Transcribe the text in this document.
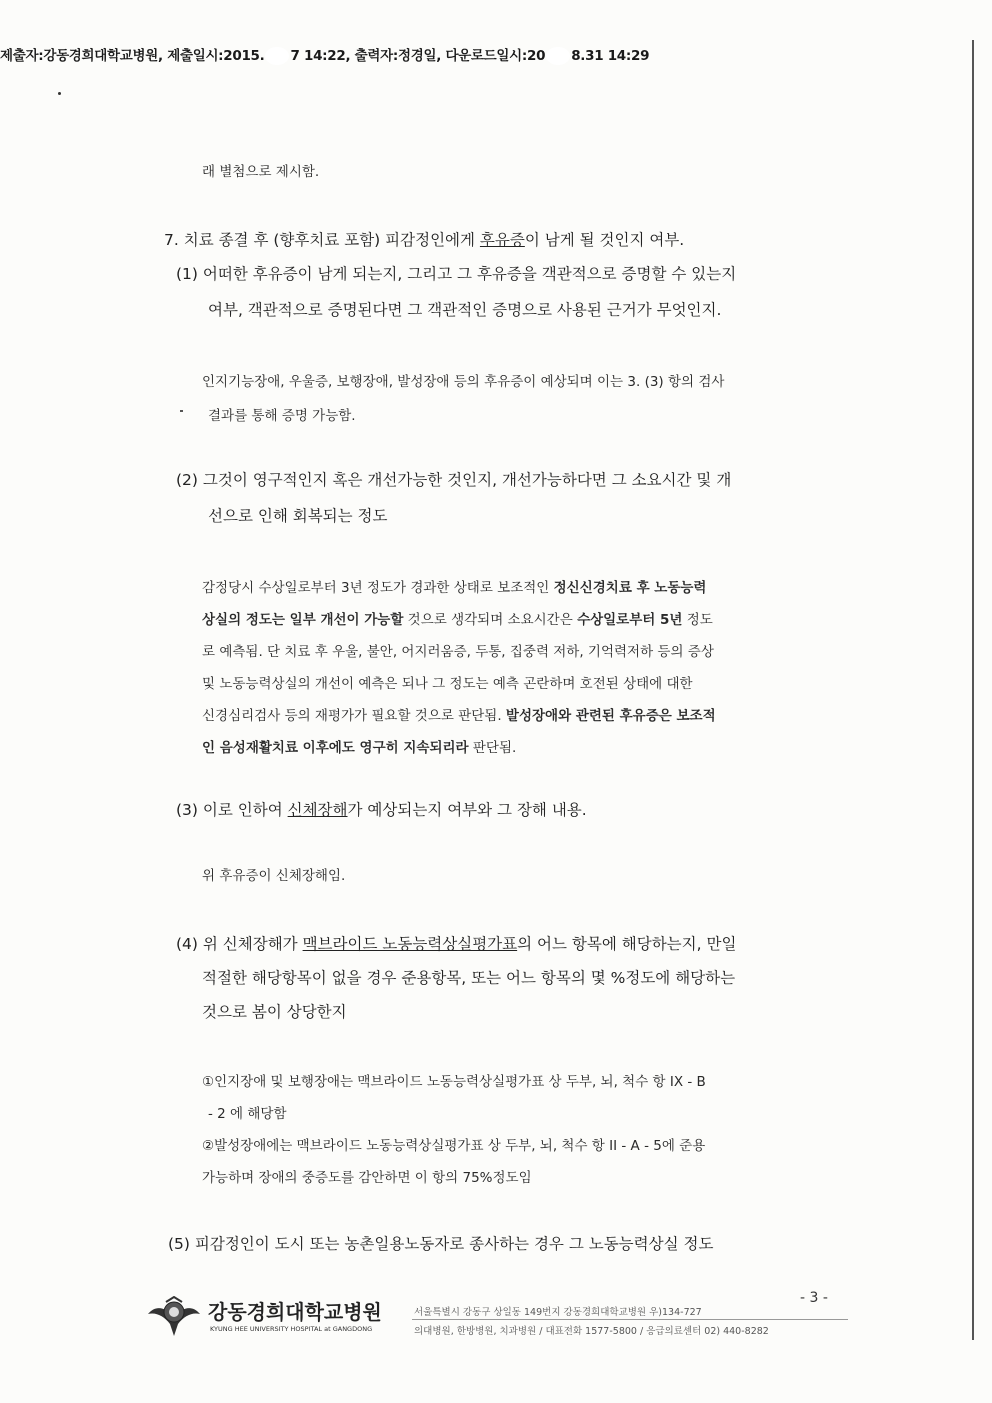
제출자:강동경희대학교병원, 제출일시:2015. 7 14:22, 출력자:정경일, 다운로드일시:20 8.31 14:29
래 별첨으로 제시함.
7. 치료 종결 후 (향후치료 포함) 피감정인에게 후유증이 남게 될 것인지 여부.
(1) 어떠한 후유증이 남게 되는지, 그리고 그 후유증을 객관적으로 증명할 수 있는지
여부, 객관적으로 증명된다면 그 객관적인 증명으로 사용된 근거가 무엇인지.
인지기능장애, 우울증, 보행장애, 발성장애 등의 후유증이 예상되며 이는 3. (3) 항의 검사
결과를 통해 증명 가능함.
(2) 그것이 영구적인지 혹은 개선가능한 것인지, 개선가능하다면 그 소요시간 및 개
선으로 인해 회복되는 정도
감정당시 수상일로부터 3년 정도가 경과한 상태로 보조적인 정신신경치료 후 노동능력
상실의 정도는 일부 개선이 가능할 것으로 생각되며 소요시간은 수상일로부터 5년 정도
로 예측됨. 단 치료 후 우울, 불안, 어지러움증, 두통, 집중력 저하, 기억력저하 등의 증상
및 노동능력상실의 개선이 예측은 되나 그 정도는 예측 곤란하며 호전된 상태에 대한
신경심리검사 등의 재평가가 필요할 것으로 판단됨. 발성장애와 관련된 후유증은 보조적
인 음성재활치료 이후에도 영구히 지속되리라 판단됨.
(3) 이로 인하여 신체장해가 예상되는지 여부와 그 장해 내용.
위 후유증이 신체장해임.
(4) 위 신체장해가 맥브라이드 노동능력상실평가표의 어느 항목에 해당하는지, 만일
적절한 해당항목이 없을 경우 준용항목, 또는 어느 항목의 몇 %정도에 해당하는
것으로 봄이 상당한지
①인지장애 및 보행장애는 맥브라이드 노동능력상실평가표 상 두부, 뇌, 척수 항 IX - B
- 2 에 해당함
②발성장애에는 맥브라이드 노동능력상실평가표 상 두부, 뇌, 척수 항 II - A - 5에 준용
가능하며 장애의 중증도를 감안하면 이 항의 75%정도임
(5) 피감정인이 도시 또는 농촌일용노동자로 종사하는 경우 그 노동능력상실 정도
강동경희대학교병원
KYUNG HEE UNIVERSITY HOSPITAL at GANGDONG
서울특별시 강동구 상일동 149번지 강동경희대학교병원 우)134-727
의대병원, 한방병원, 치과병원 / 대표전화 1577-5800 / 응급의료센터 02) 440-8282
- 3 -
